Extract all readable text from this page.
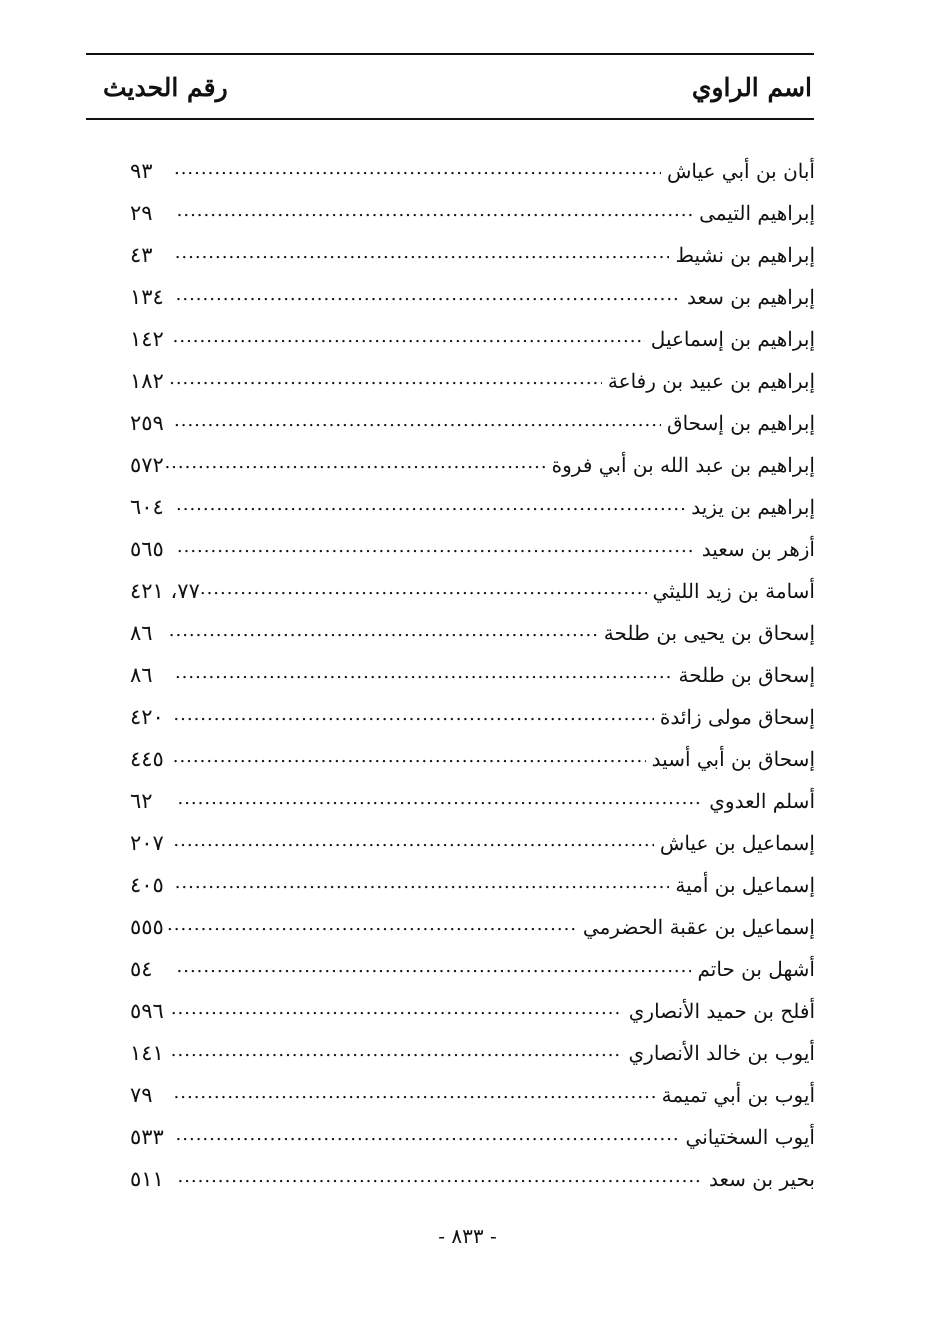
اسم الراوي
رقم الحديث
أبان بن أبي عياش
.....
٩٣
إبراهيم التيمى
.....
٢٩
إبراهيم بن نشيط
.....
٤٣
إبراهيم بن سعد
.....
١٣٤
إبراهيم بن إسماعيل
.....
١٤٢
إبراهيم بن عبيد بن رفاعة
.....
١٨٢
إبراهيم بن إسحاق
.....
٢٥٩
إبراهيم بن عبد الله بن أبي فروة
.....
٥٧٢
إبراهيم بن يزيد
.....
٦٠٤
أزهر بن سعيد
.....
٥٦٥
أسامة بن زيد الليثي
.....
٧٧، ٤٢١
إسحاق بن يحيى بن طلحة
.....
٨٦
إسحاق بن طلحة
.....
٨٦
إسحاق مولى زائدة
.....
٤٢٠
إسحاق بن أبي أسيد
.....
٤٤٥
أسلم العدوي
.....
٦٢
إسماعيل بن عياش
.....
٢٠٧
إسماعيل بن أمية
.....
٤٠٥
إسماعيل بن عقبة الحضرمي
.....
٥٥٥
أشهل بن حاتم
.....
٥٤
أفلح بن حميد الأنصاري
.....
٥٩٦
أيوب بن خالد الأنصاري
.....
١٤١
أيوب بن أبي تميمة
.....
٧٩
أيوب السختياني
.....
٥٣٣
بحير بن سعد
.....
٥١١
- ٨٣٣ -
